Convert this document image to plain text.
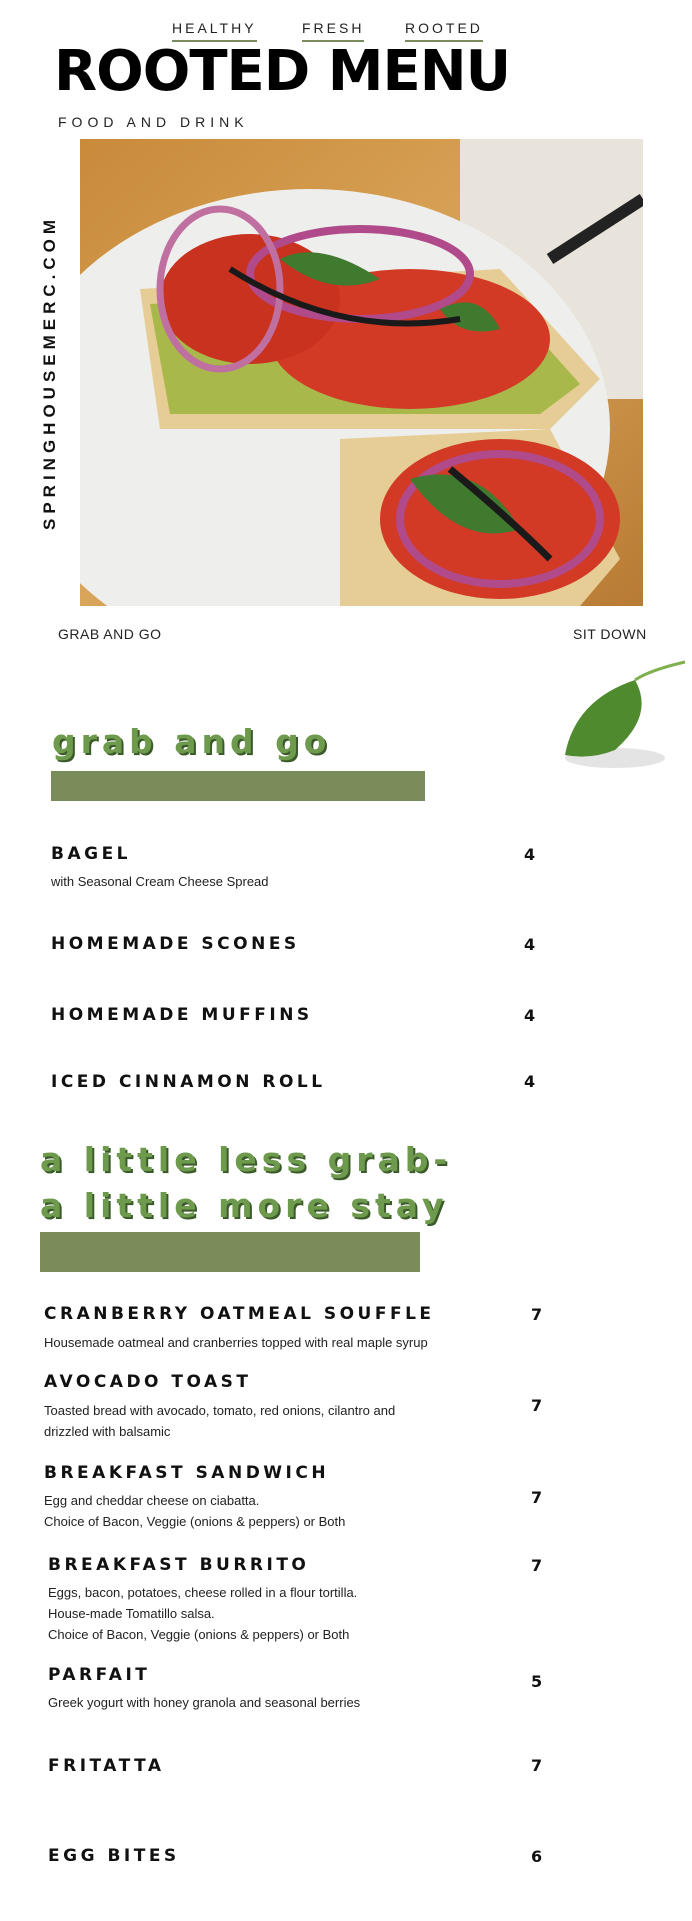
HEALTHY	FRESH	ROOTED
ROOTED MENU
FOOD AND DRINK
SPRINGHOUSEMERC.COM
GRAB AND GO	SIT DOWN
grab and go
BAGEL
with Seasonal Cream Cheese Spread
4
HOMEMADE SCONES	4
HOMEMADE MUFFINS	4
ICED CINNAMON ROLL	4
a little less grab-
a little more stay
CRANBERRY OATMEAL SOUFFLE
Housemade oatmeal and cranberries topped with real maple syrup
7
AVOCADO TOAST
Toasted bread with avocado, tomato, red onions, cilantro and
drizzled with balsamic
7
BREAKFAST SANDWICH
Egg and cheddar cheese on ciabatta.
Choice of Bacon, Veggie (onions & peppers) or Both
7
BREAKFAST BURRITO
Eggs, bacon, potatoes, cheese rolled in a flour tortilla.
House-made Tomatillo salsa.
Choice of Bacon, Veggie (onions & peppers) or Both
7
PARFAIT
Greek yogurt with honey granola and seasonal berries
5
FRITATTA	7
EGG BITES	6
